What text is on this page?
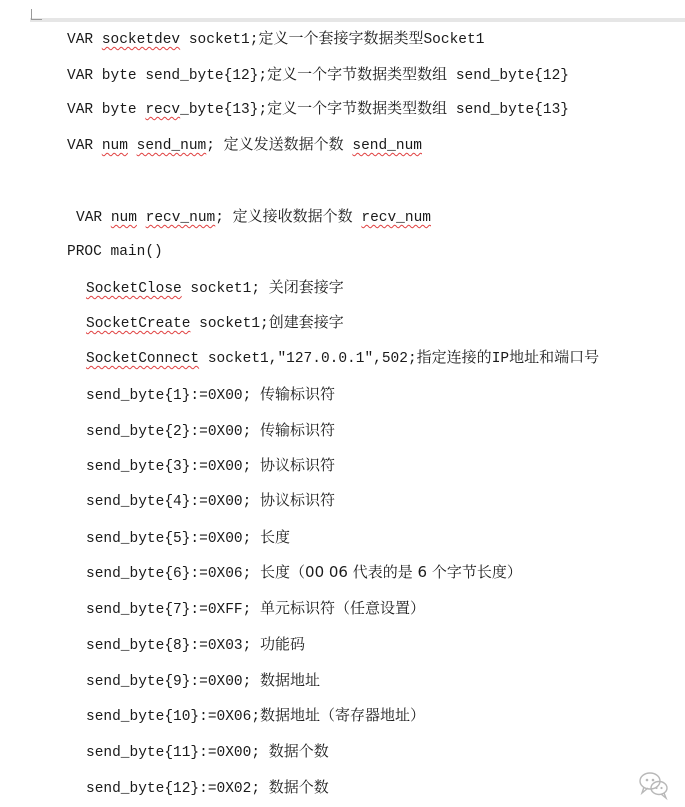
VAR socketdev socket1;定义一个套接字数据类型Socket1
VAR byte send_byte{12};定义一个字节数据类型数组 send_byte{12}
VAR byte recv_byte{13};定义一个字节数据类型数组 send_byte{13}
VAR num send_num; 定义发送数据个数 send_num
VAR num recv_num; 定义接收数据个数 recv_num
PROC main()
SocketClose socket1; 关闭套接字
SocketCreate socket1;创建套接字
SocketConnect socket1,"127.0.0.1",502;指定连接的IP地址和端口号
send_byte{1}:=0X00; 传输标识符
send_byte{2}:=0X00; 传输标识符
send_byte{3}:=0X00; 协议标识符
send_byte{4}:=0X00; 协议标识符
send_byte{5}:=0X00; 长度
send_byte{6}:=0X06; 长度（00 06 代表的是 6 个字节长度）
send_byte{7}:=0XFF; 单元标识符（任意设置）
send_byte{8}:=0X03; 功能码
send_byte{9}:=0X00; 数据地址
send_byte{10}:=0X06;数据地址（寄存器地址）
send_byte{11}:=0X00; 数据个数
send_byte{12}:=0X02; 数据个数
